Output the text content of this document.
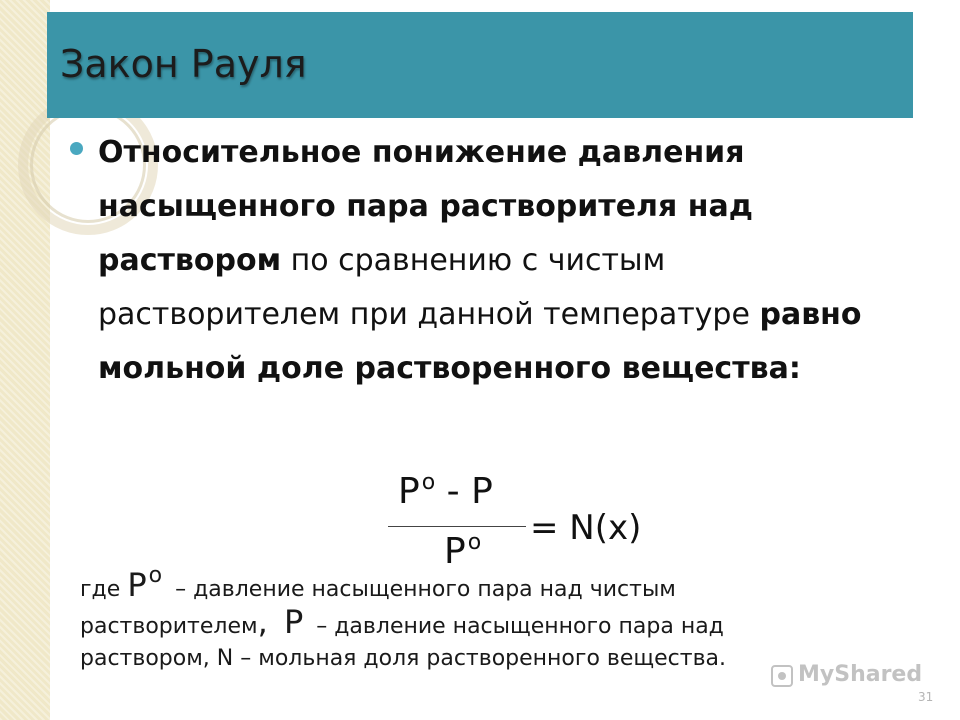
Закон Рауля
Относительное понижение давления насыщенного пара растворителя над раствором по сравнению с чистым растворителем при данной температуре равно мольной доле растворенного вещества:
$P^o$ - P
$P^o = N(x)$
где $P^o$ – давление насыщенного пара над чистым растворителем, P – давление насыщенного пара над раствором, N – мольная доля растворенного вещества.
MyShared
31
